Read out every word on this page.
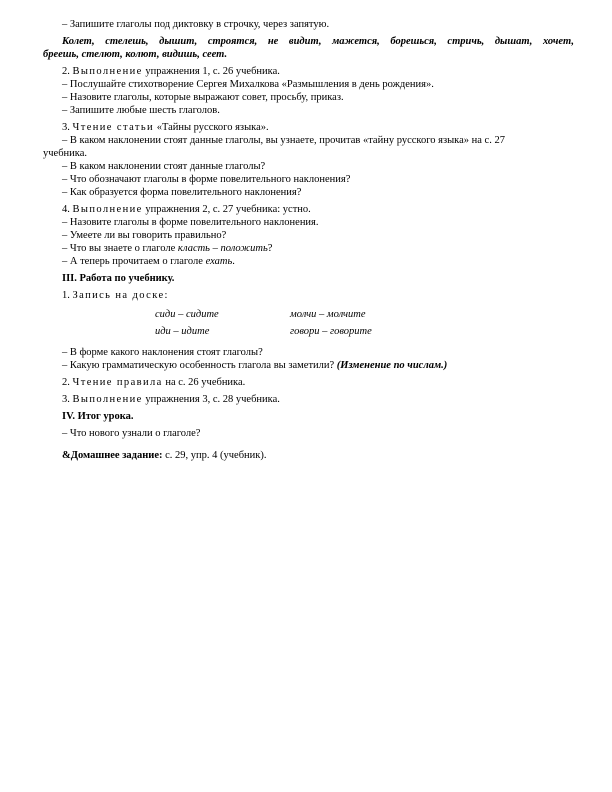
– Запишите глаголы под диктовку в строчку, через запятую.

Колет, стелешь, дышит, строятся, не видит, мажется, борешься, стричь, дышат, хочет,

бреешь, стелют, колют, видишь, сеет.

2. Выполнение упражнения 1, с. 26 учебника.

– Послушайте стихотворение Сергея Михалкова «Размышления в день рождения».

– Назовите глаголы, которые выражают совет, просьбу, приказ.

– Запишите любые шесть глаголов.

3. Чтение статьи «Тайны русского языка».

– В каком наклонении стоят данные глаголы, вы узнаете, прочитав «тайну русского языка» на с. 27

учебника.

– В каком наклонении стоят данные глаголы?

– Что обозначают глаголы в форме повелительного наклонения?

– Как образуется форма повелительного наклонения?

4. Выполнение упражнения 2, с. 27 учебника: устно.

– Назовите глаголы в форме повелительного наклонения.

– Умеете ли вы говорить правильно?

– Что вы знаете о глаголе класть – положить?

– А теперь прочитаем о глаголе ехать.

III. Работа по учебнику.

1. Запись на доске:

сиди – сидите	молчи – молчите
иди – идите	говори – говорите

– В форме какого наклонения стоят глаголы?

– Какую грамматическую особенность глагола вы заметили? (Изменение по числам.)

2. Чтение правила на с. 26 учебника.

3. Выполнение упражнения 3, с. 28 учебника.

IV. Итог урока.

– Что нового узнали о глаголе?

&Домашнее задание: с. 29, упр. 4 (учебник).
